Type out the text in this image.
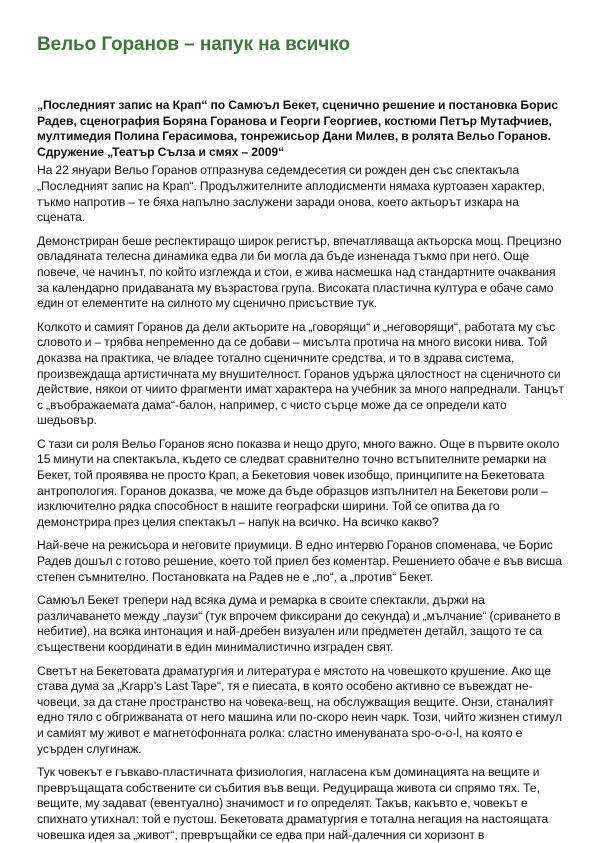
Вельо Горанов – напук на всичко

„Последният запис на Крап“ по Самюъл Бекет, сценично решение и постановка Борис Радев, сценография Боряна Горанова и Георги Георгиев, костюми Петър Мутафчиев, мултимедия Полина Герасимова, тонрежисьор Дани Милев, в ролята Вельо Горанов. Сдружение „Театър Сълза и смях – 2009“

На 22 януари Вельо Горанов отпразнува седемдесетия си рожден ден със спектакъла „Последният запис на Крап“. Продължителните аплодисменти нямаха куртоазен характер, тъкмо напротив – те бяха напълно заслужени заради онова, което актьорът изкара на сцената.

Демонстриран беше респектиращо широк регистър, впечатляваща актьорска мощ. Прецизно овладяната телесна динамика едва ли би могла да бъде изненада тъкмо при него. Още повече, че начинът, по който изглежда и стои, е жива насмешка над стандартните очаквания за календарно придаваната му възрастова група. Високата пластична култура е обаче само един от елементите на силното му сценично присъствие тук.

Колкото и самият Горанов да дели актьорите на „говорящи“ и „неговорящи“, работата му със словото и – трябва непременно да се добави – мисълта протича на много високи нива. Той доказва на практика, че владее тотално сценичните средства, и то в здрава система, произвеждаща артистичната му внушителност. Горанов удържа цялостност на сценичното си действие, някои от чиито фрагменти имат характера на учебник за много напреднали. Танцът с „въображаемата дама“-балон, например, с чисто сърце може да се определи като шедьовър.

С тази си роля Вельо Горанов ясно показва и нещо друго, много важно. Още в първите около 15 минути на спектакъла, където се следват сравнително точно встъпителните ремарки на Бекет, той проявява не просто Крап, а Бекетовия човек изобщо, принципите на Бекетовата антропология. Горанов доказва, че може да бъде образцов изпълнител на Бекетови роли – изключително рядка способност в нашите географски ширини. Той се опитва да го демонстрира през целия спектакъл – напук на всичко. На всичко какво?

Най-вече на режисьора и неговите приумици. В едно интервю Горанов споменава, че Борис Радев дошъл с готово решение, което той приел без коментар. Решението обаче е във висша степен съмнително. Постановката на Радев не е „по“, а „против“ Бекет.

Самюъл Бекет трепери над всяка дума и ремарка в своите спектакли, държи на различаването между „паузи“ (тук впрочем фиксирани до секунда) и „мълчание“ (сриването в небитие), на всяка интонация и най-дребен визуален или предметен детайл, защото те са съществени координати в един минималистично изграден свят.

Светът на Бекетовата драматургия и литература е мястото на човешкото крушение. Ако ще става дума за „Krapp’s Last Tape“, тя е пиесата, в която особено активно се въвеждат не-човеци, за да стане пространство на човека-вещ, на обслужващия вещите. Онзи, станалият едно тяло с обгрижваната от него машина или по-скоро неин чарк. Този, чийто жизнен стимул и самият му живот е магнетофонната ролка: сластно именуваната spo-o-o-l, на която е усърден слугинаж.

Тук човекът е гъвкаво-пластичната физиология, нагласена към доминацията на вещите и превръщащата собствените си събития във вещи. Редуцираща живота си спрямо тях. Те, вещите, му задават (евентуално) значимост и го определят. Такъв, какъвто е, човекът е спихнато утихнал: той е пустош. Бекетовата драматургия е тотална негация на настоящата човешка идея за „живот“, превръщайки се едва при най-далечния си хоризонт в
